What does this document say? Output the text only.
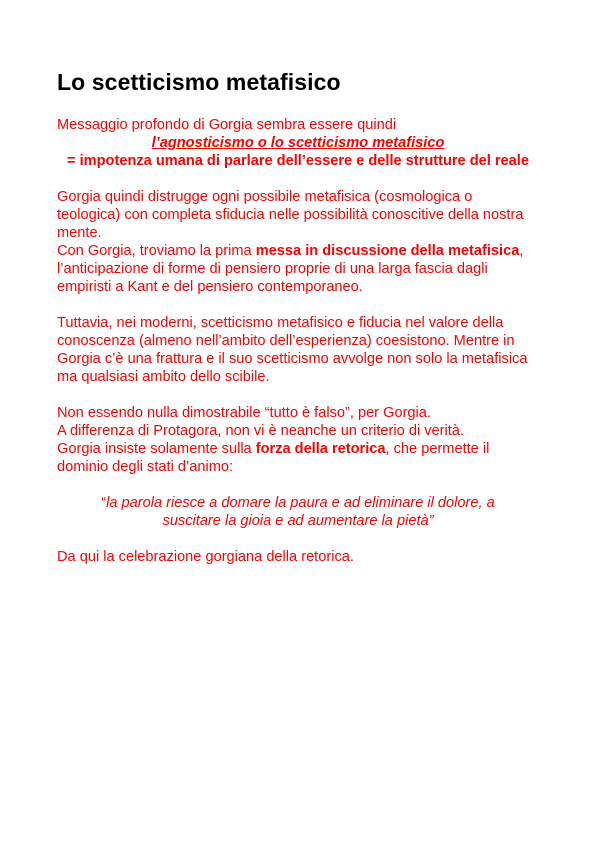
Lo scetticismo metafisico

Messaggio profondo di Gorgia sembra essere quindi

l’agnosticismo o lo scetticismo metafisico

= impotenza umana di parlare dell’essere e delle strutture del reale

Gorgia quindi distrugge ogni possibile metafisica (cosmologica o teologica) con completa sfiducia nelle possibilità conoscitive della nostra mente.

Con Gorgia, troviamo la prima messa in discussione della metafisica, l’anticipazione di forme di pensiero proprie di una larga fascia dagli empiristi a Kant e del pensiero contemporaneo.

Tuttavia, nei moderni, scetticismo metafisico e fiducia nel valore della conoscenza (almeno nell’ambito dell’esperienza) coesistono. Mentre in Gorgia c’è una frattura e il suo scetticismo avvolge non solo la metafisica ma qualsiasi ambito dello scibile.

Non essendo nulla dimostrabile “tutto è falso”, per Gorgia.

A differenza di Protagora, non vi è neanche un criterio di verità.

Gorgia insiste solamente sulla forza della retorica, che permette il dominio degli stati d’animo:

“la parola riesce a domare la paura e ad eliminare il dolore, a suscitare la gioia e ad aumentare la pietà”

Da qui la celebrazione gorgiana della retorica.
